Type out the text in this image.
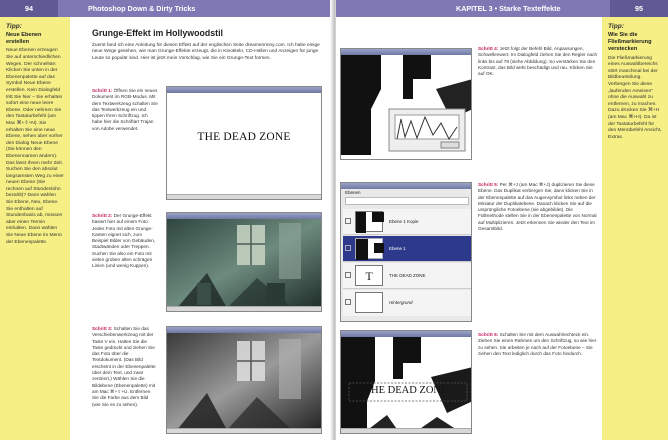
94	Photoshop Down & Dirty Tricks
Tipp:
Neue Ebenen erstellen
Neue Ebenen erzeugen Sie auf unterschiedlichen Wegen. Der schnellste: Klicken Sie unten in der Ebenenpalette auf das Symbol Neue Ebene erstellen. Kein Dialogfeld tritt Sie hier – Sie erhalten sofort eine neue leere Ebene. Oder nehmen Sie den Tastaturbefehl (am Mac ⌘+⇧+N). Sie erhalten Sie eine neue Ebene, sehen aber vorher den Dialog Neue Ebene (Sie können den Ebenennamen ändern). Das lässt Ihnen mehr Zeit. Suchen Sie den absolut langsamsten Weg zu einer neuen Ebene (Sie rechnen auf Stundenlohn bezahlt)? Dann wählen Sie Ebene, Neu, Ebene. Sie enthalten auf Stundenbasis ab, müssen aber einen Termin einhalten. Dann wählen Sie Neue Ebene im Menü der Ebenenpalette.
Grunge-Effekt im Hollywoodstil
Zuerst fand ich eine Anleitung für diesen Effekt auf der englischen Seite dreamenrinny.com. Ich habe einige neue Wege gesehen, wie man Grunge-Effekte erzeugt, die in Kinotiteln, CD-Hüllen und Anzeigen für junge Leute so populär sind. Hier ist jetzt mein Vorschlag, wie Sie ein Grunge-Text formen.
Schritt 1: Öffnen Sie ein neues Dokument im RGB-Modus. Mit dem Textwerkzeug schalten Sie das Textwerkzeug ein und tippen Ihren Schriftzug. Ich habe hier die Schriftart Trajan von Adobe verwendet.
THE DEAD ZONE
Schritt 2: Der Grunge-Effekt basiert hier auf einem Foto. Jedes Foto mit alten Grunge-Kanten eignet sich, zum Beispiel Bilder von Gebäuden, Stadtwänden oder Treppen. Suchen Sie also ein Foto mit vielen groben alten schrägen Linien (und wenig Kuppen).
Schritt 3: Schalten Sie das Verschiebenwerkzeug mit der Taste V ein. Halten Sie die Taste gedrückt und ziehen Sie das Foto über die Textdokument. (Das Bild erscheint in der Ebenenpalette über dem Text, und zwar zentriert.) Wählen Sie die Bildebene (Ebenenpalette) mit am Mac ⌘+⇧+U. Entfernen Sie die Farbe aus dem Bild (wie Sie es zu sehen).
KAPITEL 3 • Starke Texteffekte	95
Tipp:
Wie Sie die Fließmarkierung verstecken
Die Fließmarkierung eines Auswahlbereichs stört manchmal bei der Bildbeurteilung. Verbergen Sie diese „laufenden Ameisen“ ohne die Auswahl zu entfernen, zu machen. Dazu drücken Sie ⌘+H (am Mac ⌘+H). Da ist der Tastaturbefehl für den Menübefehl Ansicht, Extras.
Schritt 4: Jetzt folgt der Befehl Bild, Anpassungen, Schwellenwert. Im Dialogfeld ziehen Sie den Regler nach links bis auf 78 (siehe Abbildung). So verstärken Sie den Kontrast, das Bild wirkt beschädigt und rau. Klicken Sie auf OK.
Ebenen
Ebene 1 Kopie
Ebene 1
T	THE DEAD ZONE
Hintergrund
Schritt 5: Per ⌘+J (am Mac ⌘+J) duplizieren Sie diese Ebene. Das Duplikat verbergen Sie, dann klicken Sie in der Ebenenpalette auf das Augensymbol links neben der Miniatur der Duplikatebene. Danach klicken Sie auf die ursprüngliche Fotoebene (sie abgebildet). Die Füllmethode stellen Sie in der Ebenenpalette von Normal auf Multiplizieren. Jetzt erkennen Sie wieder den Text im Gesamtbild.
THE DEAD ZONE
Schritt 6: Schalten Sie mit dem Auswahlrechteck ein. Ziehen Sie einen Rahmen um den Schriftzug, so wie hier zu sehen. Sie arbeiten je nach auf der Fotoebene – Sie ziehen den Text lediglich durch das Foto hindurch.
